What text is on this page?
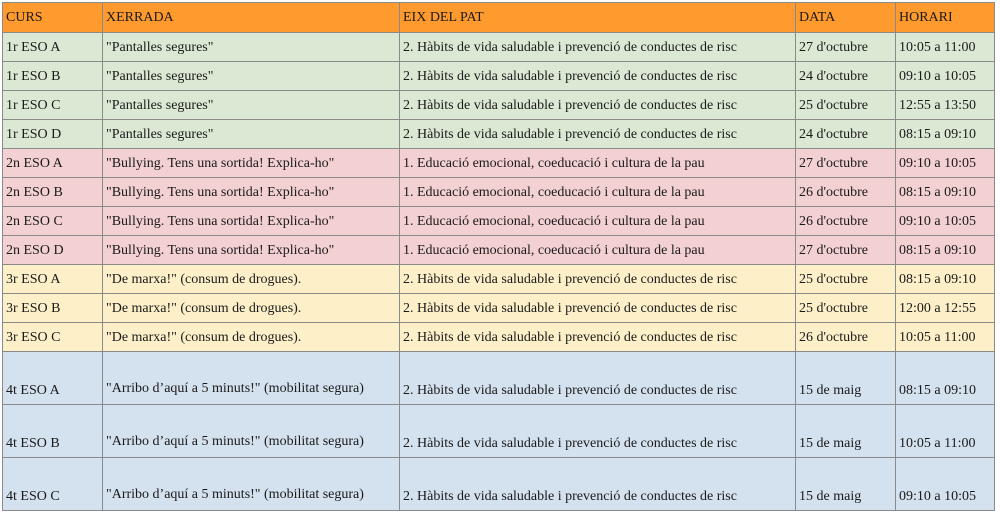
CURS	XERRADA	EIX DEL PAT	DATA	HORARI
1r ESO A	"Pantalles segures"	2. Hàbits de vida saludable i prevenció de conductes de risc	27 d'octubre	10:05 a 11:00
1r ESO B	"Pantalles segures"	2. Hàbits de vida saludable i prevenció de conductes de risc	24 d'octubre	09:10 a 10:05
1r ESO C	"Pantalles segures"	2. Hàbits de vida saludable i prevenció de conductes de risc	25 d'octubre	12:55 a 13:50
1r ESO D	"Pantalles segures"	2. Hàbits de vida saludable i prevenció de conductes de risc	24 d'octubre	08:15 a 09:10
2n ESO A	"Bullying. Tens una sortida! Explica-ho"	1. Educació emocional, coeducació i cultura de la pau	27 d'octubre	09:10 a 10:05
2n ESO B	"Bullying. Tens una sortida! Explica-ho"	1. Educació emocional, coeducació i cultura de la pau	26 d'octubre	08:15 a 09:10
2n ESO C	"Bullying. Tens una sortida! Explica-ho"	1. Educació emocional, coeducació i cultura de la pau	26 d'octubre	09:10 a 10:05
2n ESO D	"Bullying. Tens una sortida! Explica-ho"	1. Educació emocional, coeducació i cultura de la pau	27 d'octubre	08:15 a 09:10
3r ESO A	"De marxa!" (consum de drogues).	2. Hàbits de vida saludable i prevenció de conductes de risc	25 d'octubre	08:15 a 09:10
3r ESO B	"De marxa!" (consum de drogues).	2. Hàbits de vida saludable i prevenció de conductes de risc	25 d'octubre	12:00 a 12:55
3r ESO C	"De marxa!" (consum de drogues).	2. Hàbits de vida saludable i prevenció de conductes de risc	26 d'octubre	10:05 a 11:00
4t ESO A	"Arribo d’aquí a 5 minuts!" (mobilitat segura)	2. Hàbits de vida saludable i prevenció de conductes de risc	15 de maig	08:15 a 09:10
4t ESO B	"Arribo d’aquí a 5 minuts!" (mobilitat segura)	2. Hàbits de vida saludable i prevenció de conductes de risc	15 de maig	10:05 a 11:00
4t ESO C	"Arribo d’aquí a 5 minuts!" (mobilitat segura)	2. Hàbits de vida saludable i prevenció de conductes de risc	15 de maig	09:10 a 10:05
